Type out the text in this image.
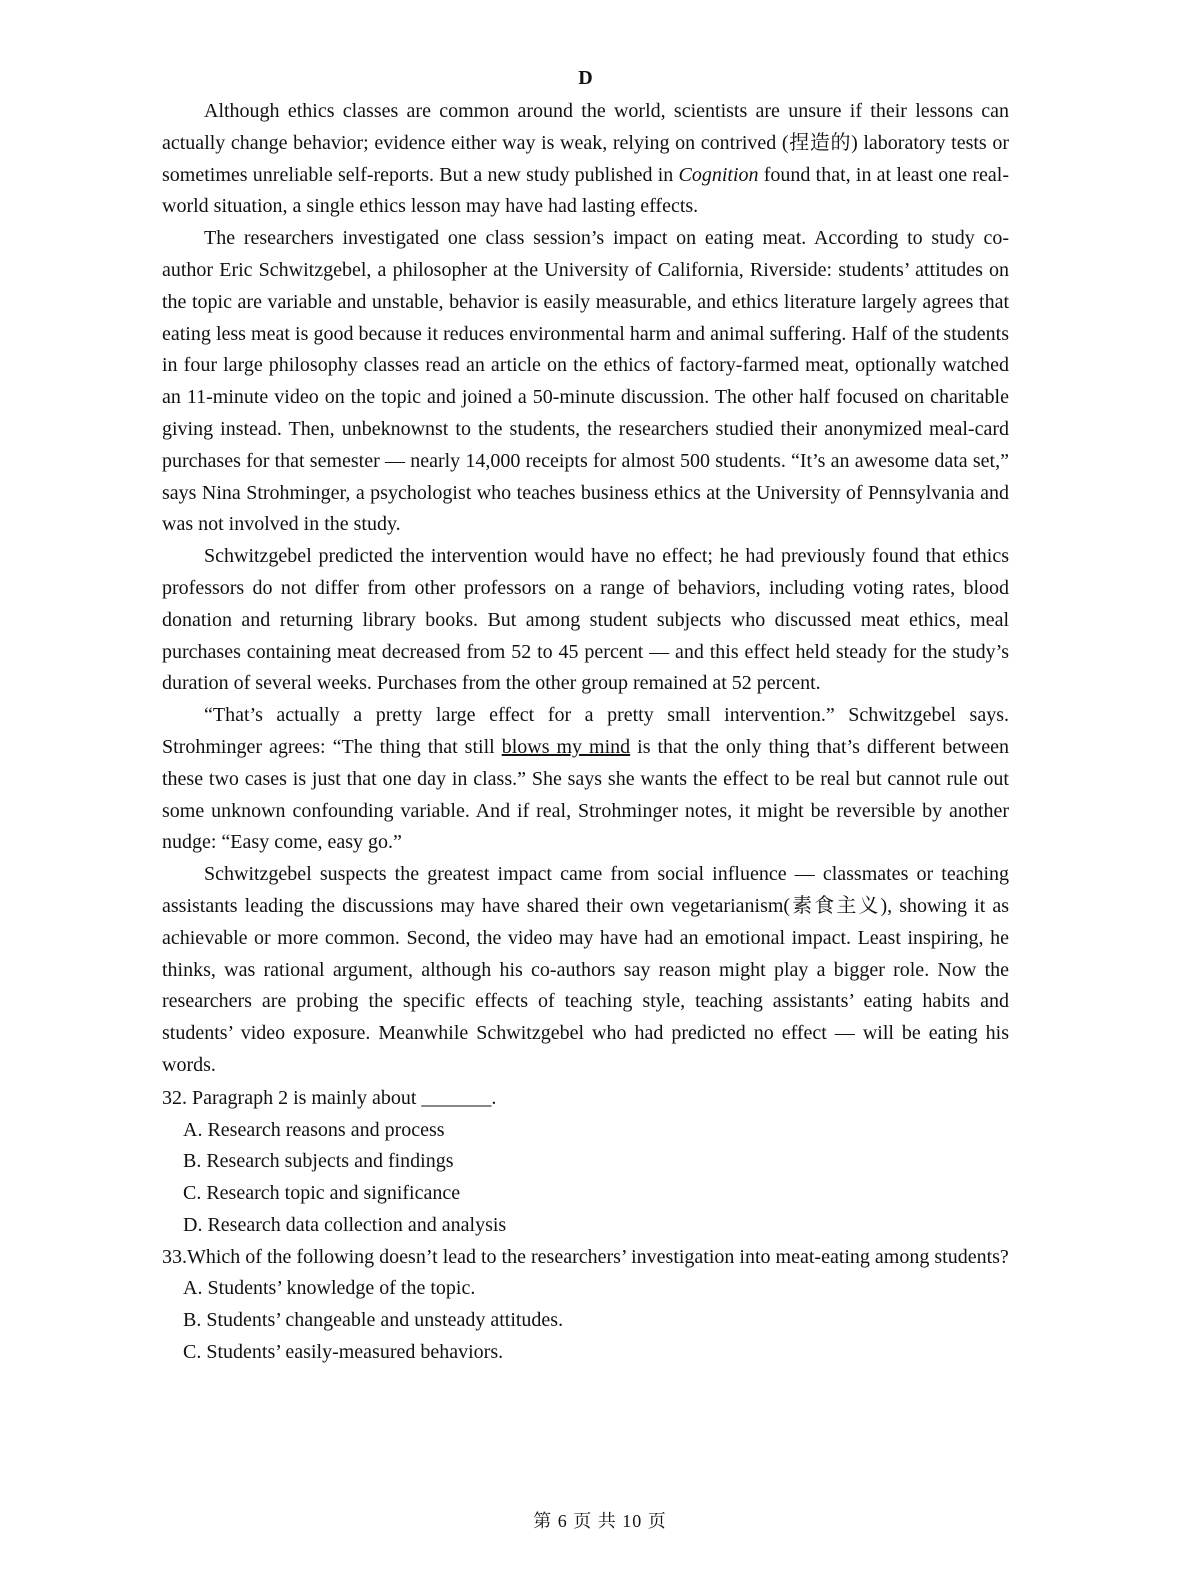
D

Although ethics classes are common around the world, scientists are unsure if their lessons can actually change behavior; evidence either way is weak, relying on contrived (捏造的) laboratory tests or sometimes unreliable self-reports. But a new study published in Cognition found that, in at least one real-world situation, a single ethics lesson may have had lasting effects.

The researchers investigated one class session’s impact on eating meat. According to study co-author Eric Schwitzgebel, a philosopher at the University of California, Riverside: students’ attitudes on the topic are variable and unstable, behavior is easily measurable, and ethics literature largely agrees that eating less meat is good because it reduces environmental harm and animal suffering. Half of the students in four large philosophy classes read an article on the ethics of factory-farmed meat, optionally watched an 11-minute video on the topic and joined a 50-minute discussion. The other half focused on charitable giving instead. Then, unbeknownst to the students, the researchers studied their anonymized meal-card purchases for that semester — nearly 14,000 receipts for almost 500 students. “It’s an awesome data set,” says Nina Strohminger, a psychologist who teaches business ethics at the University of Pennsylvania and was not involved in the study.

Schwitzgebel predicted the intervention would have no effect; he had previously found that ethics professors do not differ from other professors on a range of behaviors, including voting rates, blood donation and returning library books. But among student subjects who discussed meat ethics, meal purchases containing meat decreased from 52 to 45 percent — and this effect held steady for the study’s duration of several weeks. Purchases from the other group remained at 52 percent.

“That’s actually a pretty large effect for a pretty small intervention.” Schwitzgebel says. Strohminger agrees: “The thing that still blows my mind is that the only thing that’s different between these two cases is just that one day in class.” She says she wants the effect to be real but cannot rule out some unknown confounding variable. And if real, Strohminger notes, it might be reversible by another nudge: “Easy come, easy go.”

Schwitzgebel suspects the greatest impact came from social influence — classmates or teaching assistants leading the discussions may have shared their own vegetarianism(素食主义), showing it as achievable or more common. Second, the video may have had an emotional impact. Least inspiring, he thinks, was rational argument, although his co-authors say reason might play a bigger role. Now the researchers are probing the specific effects of teaching style, teaching assistants’ eating habits and students’ video exposure. Meanwhile Schwitzgebel who had predicted no effect — will be eating his words.

32. Paragraph 2 is mainly about _______.

A. Research reasons and process

B. Research subjects and findings

C. Research topic and significance

D. Research data collection and analysis

33.Which of the following doesn’t lead to the researchers’ investigation into meat-eating among students?

A. Students’ knowledge of the topic.

B. Students’ changeable and unsteady attitudes.

C. Students’ easily-measured behaviors.

第 6 页 共 10 页
